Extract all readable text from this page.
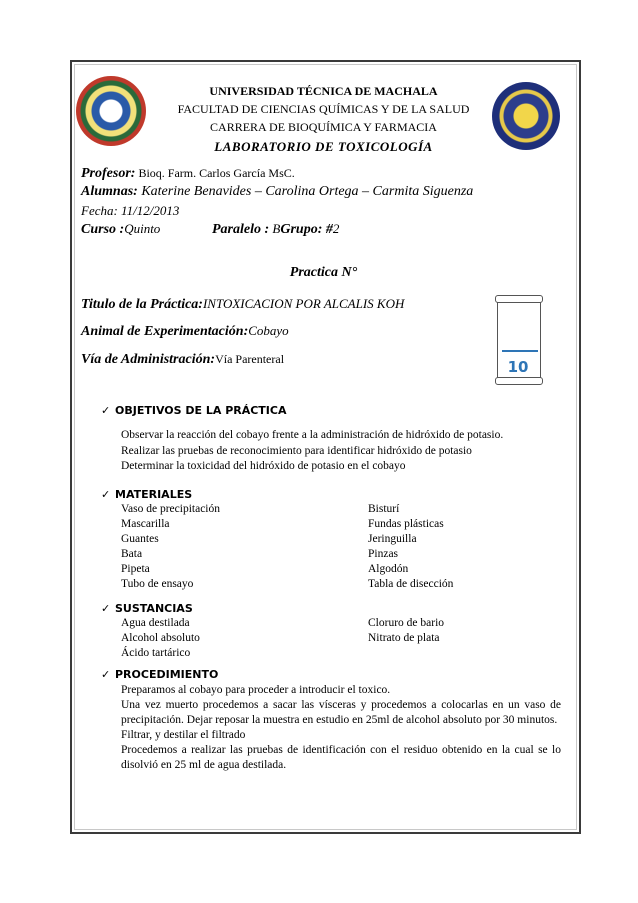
UNIVERSIDAD TÉCNICA DE MACHALA
FACULTAD DE CIENCIAS QUÍMICAS Y DE LA SALUD
CARRERA DE BIOQUÍMICA Y FARMACIA
LABORATORIO DE TOXICOLOGÍA
Profesor: Bioq. Farm. Carlos García MsC.
Alumnas: Katerine Benavides – Carolina Ortega – Carmita Siguenza
Fecha: 11/12/2013
Curso :Quinto	Paralelo : BGrupo: #2
Practica N°
Titulo de la Práctica:INTOXICACION POR ALCALIS KOH
Animal de Experimentación:Cobayo
Vía de Administración:Vía Parenteral	10
✓ OBJETIVOS DE LA PRÁCTICA
Observar la reacción del cobayo frente a la administración de hidróxido de potasio.
Realizar las pruebas de reconocimiento para identificar hidróxido de potasio
Determinar la toxicidad del hidróxido de potasio en el cobayo
✓ MATERIALES
Vaso de precipitación
Mascarilla
Guantes
Bata
Pipeta
Tubo de ensayo
Bisturí
Fundas plásticas
Jeringuilla
Pinzas
Algodón
Tabla de disección
✓ SUSTANCIAS
Agua destilada
Alcohol absoluto
Ácido tartárico
Cloruro de bario
Nitrato de plata
✓ PROCEDIMIENTO
Preparamos al cobayo para proceder a introducir el toxico.
Una vez muerto procedemos a sacar las vísceras y procedemos a colocarlas en un vaso de precipitación. Dejar reposar la muestra en estudio en 25ml de alcohol absoluto por 30 minutos.
Filtrar, y destilar el filtrado
Procedemos a realizar las pruebas de identificación con el residuo obtenido en la cual se lo disolvió en 25 ml de agua destilada.
